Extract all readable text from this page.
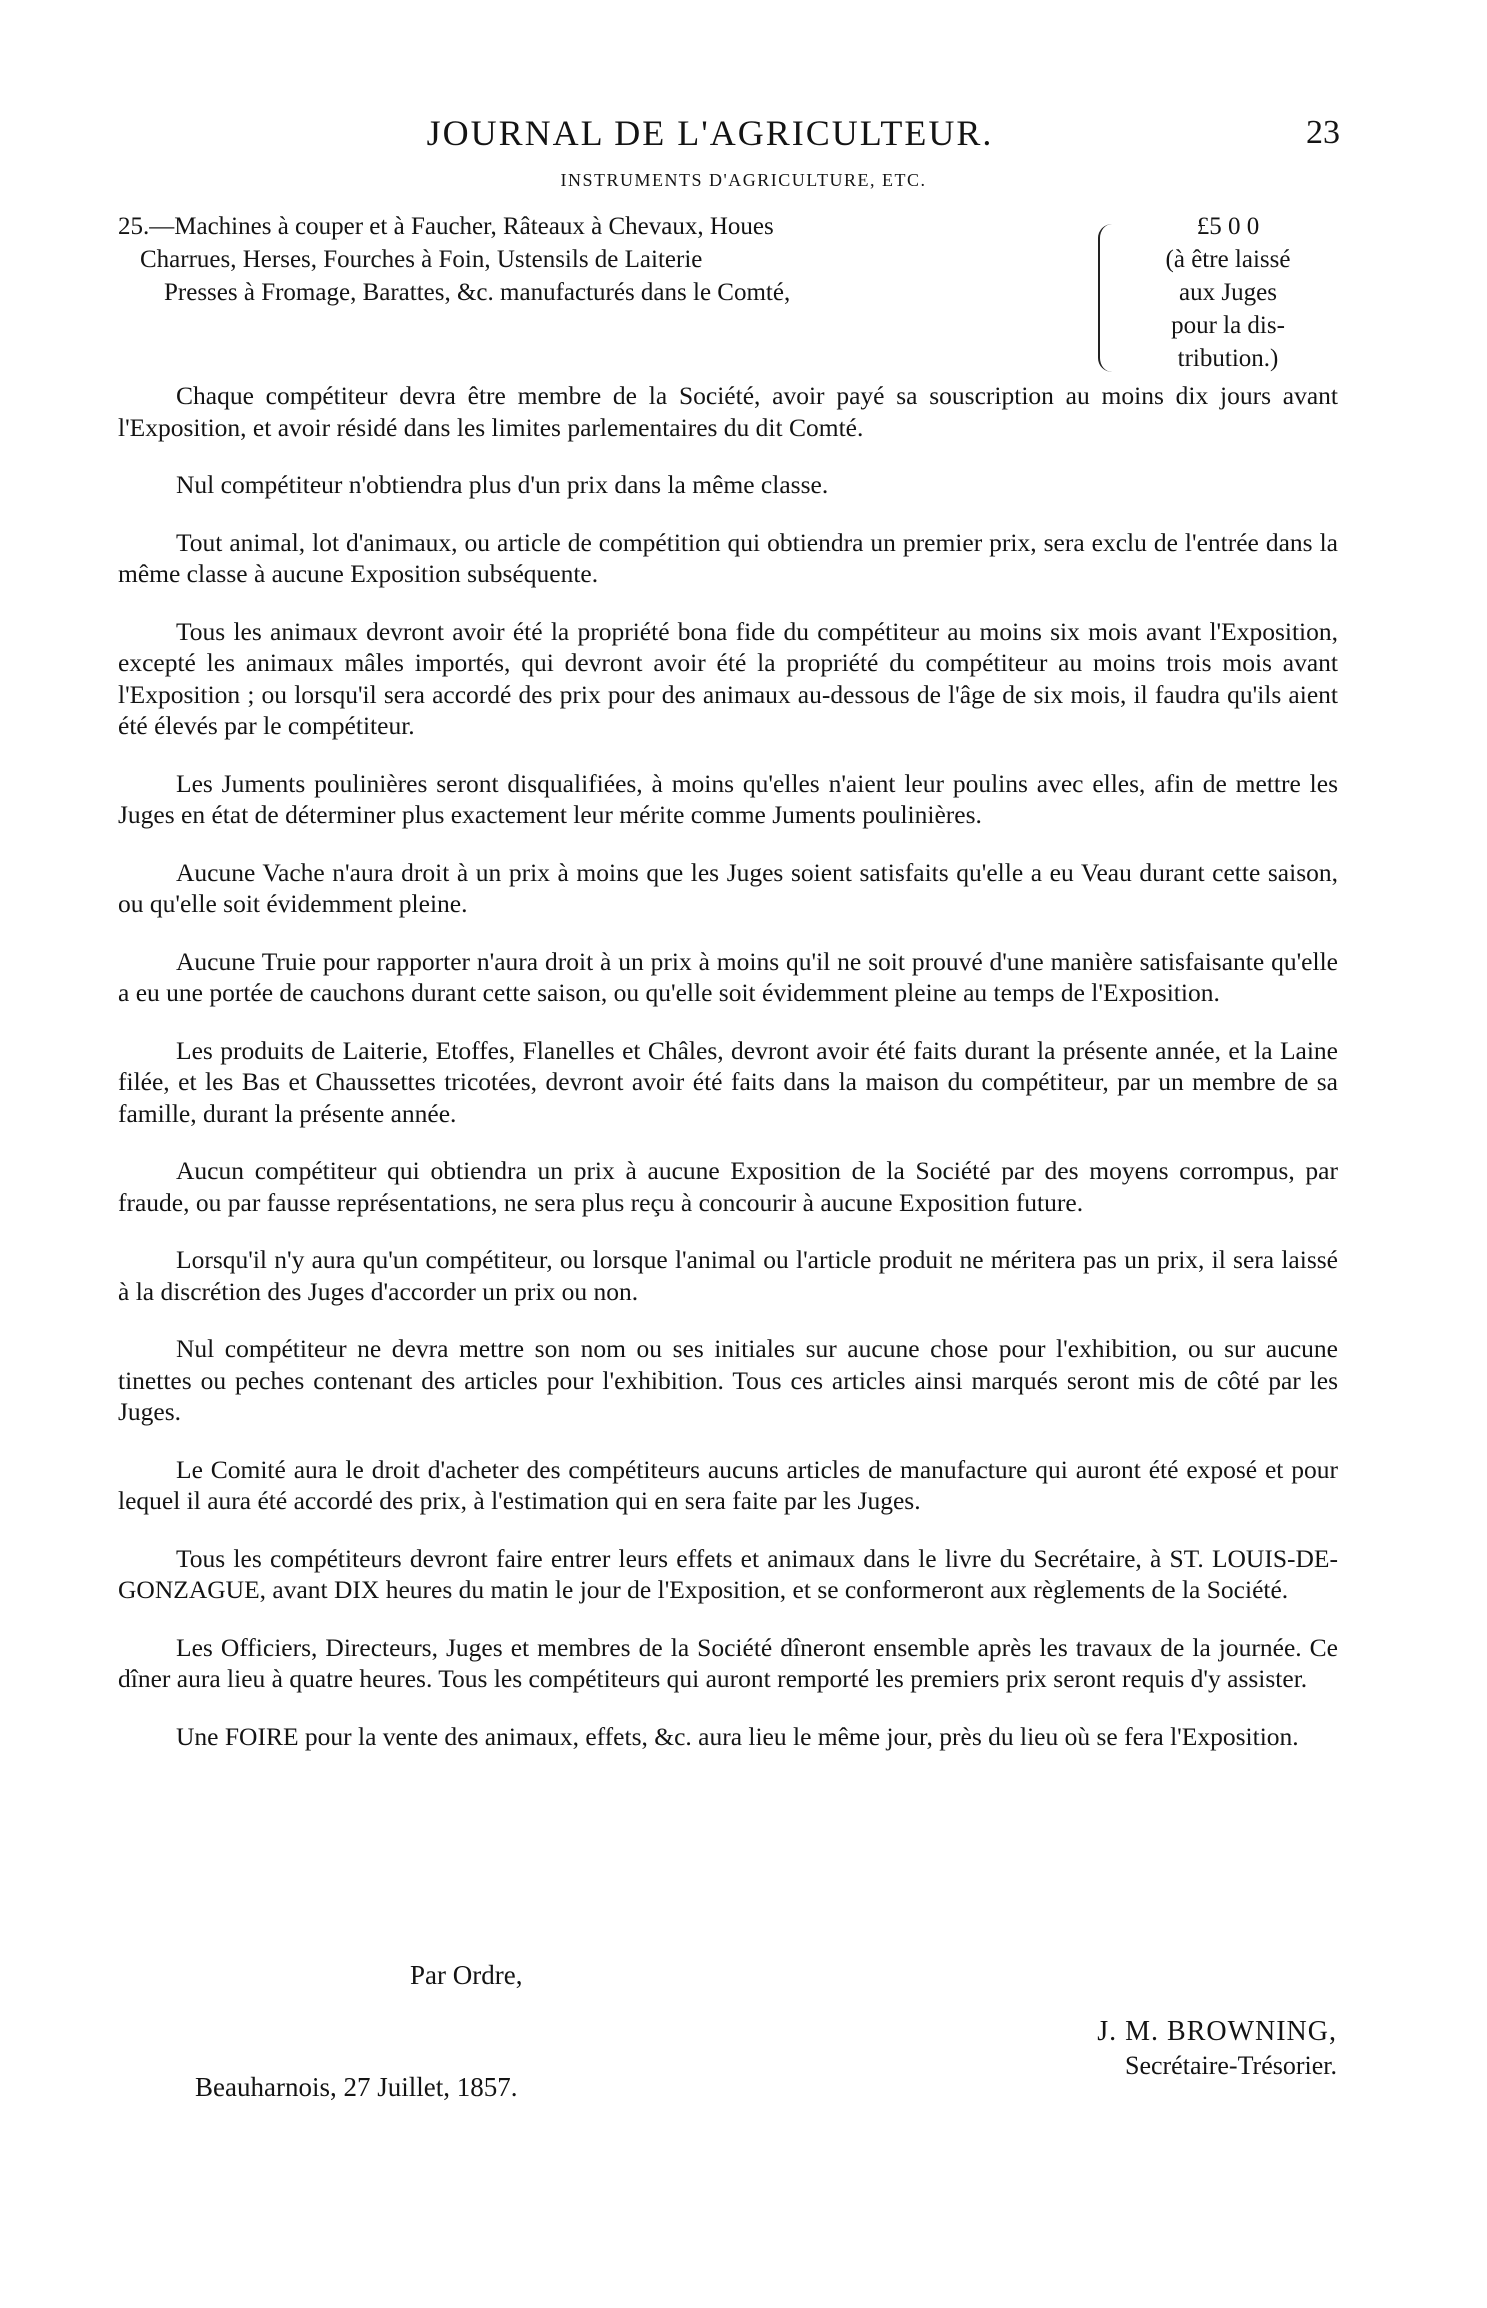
JOURNAL DE L'AGRICULTEUR.	23
INSTRUMENTS D'AGRICULTURE, ETC.
25.—Machines à couper et à Faucher, Râteaux à Chevaux, Houes
Charrues, Herses, Fourches à Foin, Ustensils de Laiterie
Presses à Fromage, Barattes, &c. manufacturés dans le Comté,
£5 0 0
(à être laissé
aux Juges
pour la dis-
tribution.)

Chaque compétiteur devra être membre de la Société, avoir payé sa souscription au moins dix jours avant l'Exposition, et avoir résidé dans les limites parlementaires du dit Comté.

Nul compétiteur n'obtiendra plus d'un prix dans la même classe.

Tout animal, lot d'animaux, ou article de compétition qui obtiendra un premier prix, sera exclu de l'entrée dans la même classe à aucune Exposition subséquente.

Tous les animaux devront avoir été la propriété bona fide du compétiteur au moins six mois avant l'Exposition, excepté les animaux mâles importés, qui devront avoir été la propriété du compétiteur au moins trois mois avant l'Exposition ; ou lorsqu'il sera accordé des prix pour des animaux au-dessous de l'âge de six mois, il faudra qu'ils aient été élevés par le compétiteur.

Les Juments poulinières seront disqualifiées, à moins qu'elles n'aient leur poulins avec elles, afin de mettre les Juges en état de déterminer plus exactement leur mérite comme Juments poulinières.

Aucune Vache n'aura droit à un prix à moins que les Juges soient satisfaits qu'elle a eu Veau durant cette saison, ou qu'elle soit évidemment pleine.

Aucune Truie pour rapporter n'aura droit à un prix à moins qu'il ne soit prouvé d'une manière satisfaisante qu'elle a eu une portée de cauchons durant cette saison, ou qu'elle soit évidemment pleine au temps de l'Exposition.

Les produits de Laiterie, Etoffes, Flanelles et Châles, devront avoir été faits durant la présente année, et la Laine filée, et les Bas et Chaussettes tricotées, devront avoir été faits dans la maison du compétiteur, par un membre de sa famille, durant la présente année.

Aucun compétiteur qui obtiendra un prix à aucune Exposition de la Société par des moyens corrompus, par fraude, ou par fausse représentations, ne sera plus reçu à concourir à aucune Exposition future.

Lorsqu'il n'y aura qu'un compétiteur, ou lorsque l'animal ou l'article produit ne méritera pas un prix, il sera laissé à la discrétion des Juges d'accorder un prix ou non.

Nul compétiteur ne devra mettre son nom ou ses initiales sur aucune chose pour l'exhibition, ou sur aucune tinettes ou peches contenant des articles pour l'exhibition. Tous ces articles ainsi marqués seront mis de côté par les Juges.

Le Comité aura le droit d'acheter des compétiteurs aucuns articles de manufacture qui auront été exposé et pour lequel il aura été accordé des prix, à l'estimation qui en sera faite par les Juges.

Tous les compétiteurs devront faire entrer leurs effets et animaux dans le livre du Secrétaire, à ST. LOUIS-DE-GONZAGUE, avant DIX heures du matin le jour de l'Exposition, et se conformeront aux règlements de la Société.

Les Officiers, Directeurs, Juges et membres de la Société dîneront ensemble après les travaux de la journée. Ce dîner aura lieu à quatre heures. Tous les compétiteurs qui auront remporté les premiers prix seront requis d'y assister.

Une FOIRE pour la vente des animaux, effets, &c. aura lieu le même jour, près du lieu où se fera l'Exposition.

Par Ordre,
J. M. BROWNING,
Secrétaire-Trésorier.
Beauharnois, 27 Juillet, 1857.
